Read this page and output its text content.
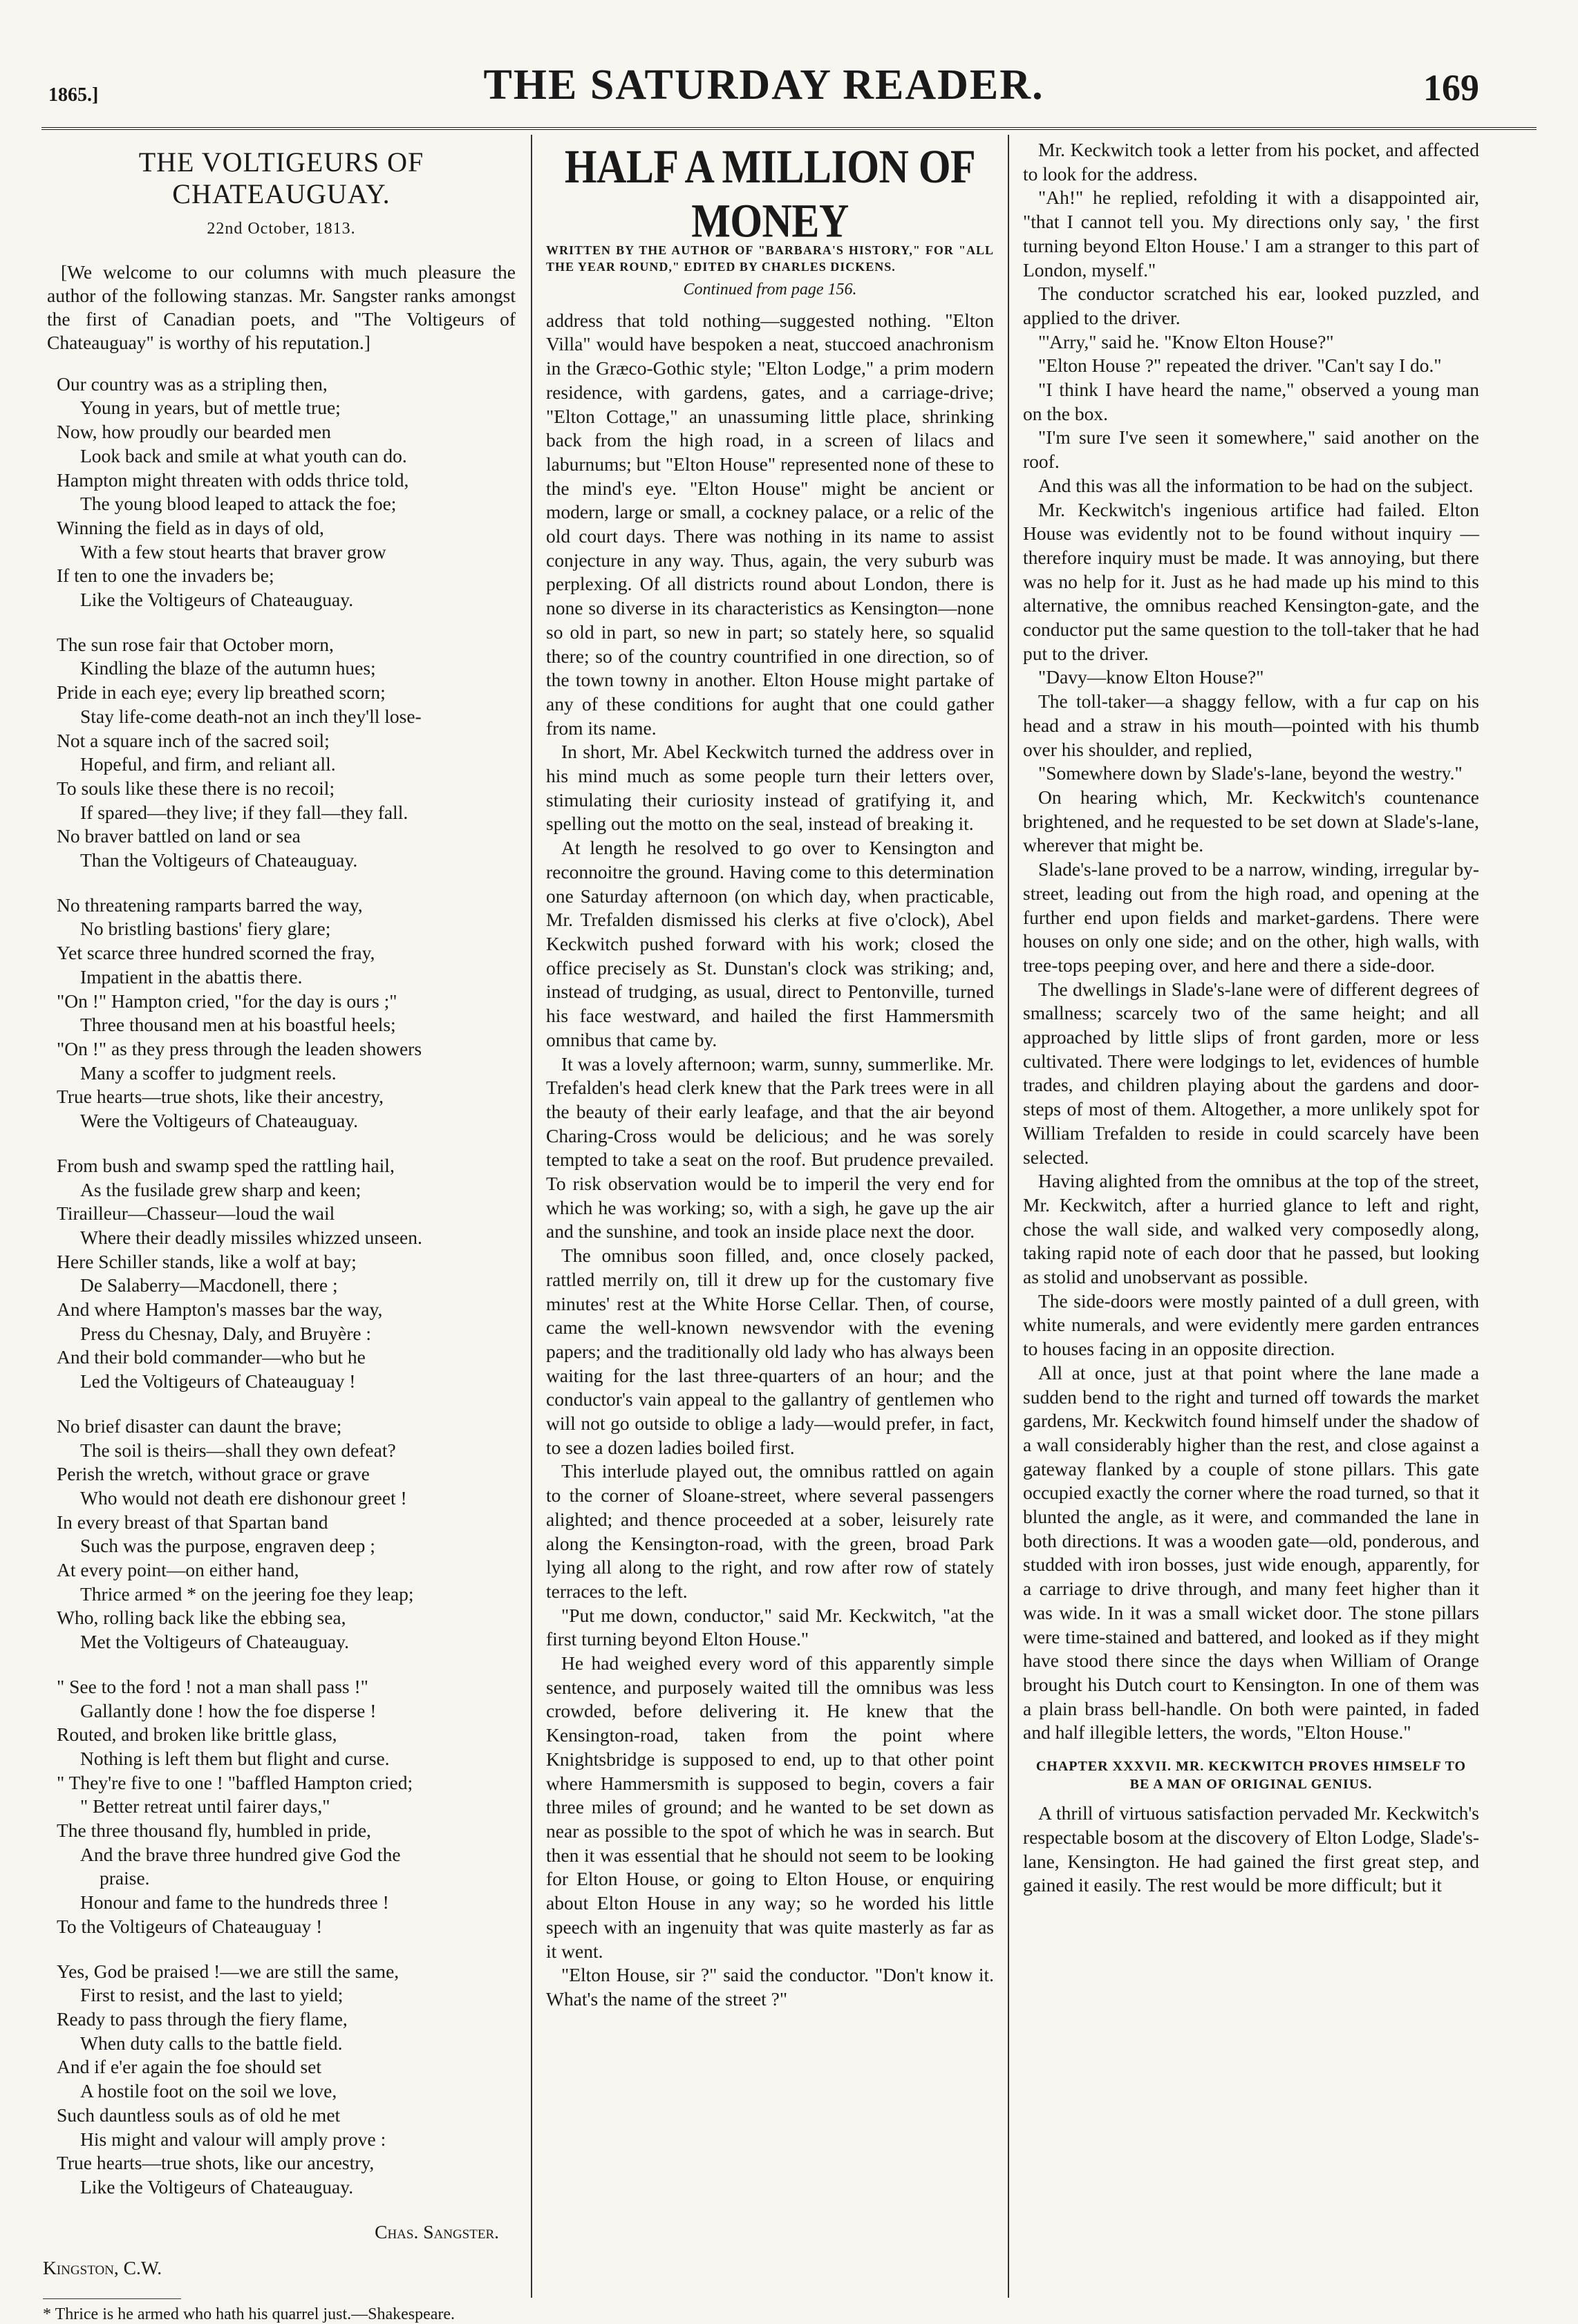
1865.]	THE SATURDAY READER.	169
THE VOLTIGEURS OF CHATEAUGUAY.
22nd October, 1813.
[We welcome to our columns with much pleasure the author of the following stanzas. Mr. Sangster ranks amongst the first of Canadian poets, and "The Voltigeurs of Chateauguay" is worthy of his reputation.]
Our country was as a stripling then,
Young in years, but of mettle true;
Now, how proudly our bearded men
Look back and smile at what youth can do.
Hampton might threaten with odds thrice told,
The young blood leaped to attack the foe;
Winning the field as in days of old,
With a few stout hearts that braver grow
If ten to one the invaders be;
Like the Voltigeurs of Chateauguay.
The sun rose fair that October morn,
Kindling the blaze of the autumn hues;
Pride in each eye; every lip breathed scorn;
Stay life-come death-not an inch they'll lose-
Not a square inch of the sacred soil;
Hopeful, and firm, and reliant all.
To souls like these there is no recoil;
If spared—they live; if they fall—they fall.
No braver battled on land or sea
Than the Voltigeurs of Chateauguay.
No threatening ramparts barred the way,
No bristling bastions' fiery glare;
Yet scarce three hundred scorned the fray,
Impatient in the abattis there.
"On !" Hampton cried, "for the day is ours ;"
Three thousand men at his boastful heels;
"On !" as they press through the leaden showers
Many a scoffer to judgment reels.
True hearts—true shots, like their ancestry,
Were the Voltigeurs of Chateauguay.
From bush and swamp sped the rattling hail,
As the fusilade grew sharp and keen;
Tirailleur—Chasseur—loud the wail
Where their deadly missiles whizzed unseen.
Here Schiller stands, like a wolf at bay;
De Salaberry—Macdonell, there ;
And where Hampton's masses bar the way,
Press du Chesnay, Daly, and Bruyère :
And their bold commander—who but he
Led the Voltigeurs of Chateauguay !
No brief disaster can daunt the brave;
The soil is theirs—shall they own defeat?
Perish the wretch, without grace or grave
Who would not death ere dishonour greet !
In every breast of that Spartan band
Such was the purpose, engraven deep ;
At every point—on either hand,
Thrice armed * on the jeering foe they leap;
Who, rolling back like the ebbing sea,
Met the Voltigeurs of Chateauguay.
" See to the ford ! not a man shall pass !"
Gallantly done ! how the foe disperse !
Routed, and broken like brittle glass,
Nothing is left them but flight and curse.
" They're five to one ! "baffled Hampton cried;
" Better retreat until fairer days,"
The three thousand fly, humbled in pride,
And the brave three hundred give God the
praise.
Honour and fame to the hundreds three !
To the Voltigeurs of Chateauguay !
Yes, God be praised !—we are still the same,
First to resist, and the last to yield;
Ready to pass through the fiery flame,
When duty calls to the battle field.
And if e'er again the foe should set
A hostile foot on the soil we love,
Such dauntless souls as of old he met
His might and valour will amply prove :
True hearts—true shots, like our ancestry,
Like the Voltigeurs of Chateauguay.
Chas. Sangster.
Kingston, C.W.
* Thrice is he armed who hath his quarrel just.—Shakespeare.
HALF A MILLION OF MONEY
WRITTEN BY THE AUTHOR OF "BARBARA'S HISTORY," FOR "ALL THE YEAR ROUND," EDITED BY CHARLES DICKENS.
Continued from page 156.

address that told nothing—suggested nothing. "Elton Villa" would have bespoken a neat, stuccoed anachronism in the Græco-Gothic style; "Elton Lodge," a prim modern residence, with gardens, gates, and a carriage-drive; "Elton Cottage," an unassuming little place, shrinking back from the high road, in a screen of lilacs and laburnums; but "Elton House" represented none of these to the mind's eye. "Elton House" might be ancient or modern, large or small, a cockney palace, or a relic of the old court days. There was nothing in its name to assist conjecture in any way. Thus, again, the very suburb was perplexing. Of all districts round about London, there is none so diverse in its characteristics as Kensington—none so old in part, so new in part; so stately here, so squalid there; so of the country countrified in one direction, so of the town towny in another. Elton House might partake of any of these conditions for aught that one could gather from its name.

In short, Mr. Abel Keckwitch turned the address over in his mind much as some people turn their letters over, stimulating their curiosity instead of gratifying it, and spelling out the motto on the seal, instead of breaking it.

At length he resolved to go over to Kensington and reconnoitre the ground. Having come to this determination one Saturday afternoon (on which day, when practicable, Mr. Trefalden dismissed his clerks at five o'clock), Abel Keckwitch pushed forward with his work; closed the office precisely as St. Dunstan's clock was striking; and, instead of trudging, as usual, direct to Pentonville, turned his face westward, and hailed the first Hammersmith omnibus that came by.

It was a lovely afternoon; warm, sunny, summerlike. Mr. Trefalden's head clerk knew that the Park trees were in all the beauty of their early leafage, and that the air beyond Charing-Cross would be delicious; and he was sorely tempted to take a seat on the roof. But prudence prevailed. To risk observation would be to imperil the very end for which he was working; so, with a sigh, he gave up the air and the sunshine, and took an inside place next the door.

The omnibus soon filled, and, once closely packed, rattled merrily on, till it drew up for the customary five minutes' rest at the White Horse Cellar. Then, of course, came the well-known newsvendor with the evening papers; and the traditionally old lady who has always been waiting for the last three-quarters of an hour; and the conductor's vain appeal to the gallantry of gentlemen who will not go outside to oblige a lady—would prefer, in fact, to see a dozen ladies boiled first.

This interlude played out, the omnibus rattled on again to the corner of Sloane-street, where several passengers alighted; and thence proceeded at a sober, leisurely rate along the Kensington-road, with the green, broad Park lying all along to the right, and row after row of stately terraces to the left.

"Put me down, conductor," said Mr. Keckwitch, "at the first turning beyond Elton House."

He had weighed every word of this apparently simple sentence, and purposely waited till the omnibus was less crowded, before delivering it. He knew that the Kensington-road, taken from the point where Knightsbridge is supposed to end, up to that other point where Hammersmith is supposed to begin, covers a fair three miles of ground; and he wanted to be set down as near as possible to the spot of which he was in search. But then it was essential that he should not seem to be looking for Elton House, or going to Elton House, or enquiring about Elton House in any way; so he worded his little speech with an ingenuity that was quite masterly as far as it went.

"Elton House, sir ?" said the conductor. "Don't know it. What's the name of the street ?"

Mr. Keckwitch took a letter from his pocket, and affected to look for the address.

"Ah!" he replied, refolding it with a disappointed air, "that I cannot tell you. My directions only say, ' the first turning beyond Elton House.' I am a stranger to this part of London, myself."

The conductor scratched his ear, looked puzzled, and applied to the driver.

"'Arry," said he. "Know Elton House?"

"Elton House ?" repeated the driver. "Can't say I do."

"I think I have heard the name," observed a young man on the box.

"I'm sure I've seen it somewhere," said another on the roof.

And this was all the information to be had on the subject.

Mr. Keckwitch's ingenious artifice had failed. Elton House was evidently not to be found without inquiry — therefore inquiry must be made. It was annoying, but there was no help for it. Just as he had made up his mind to this alternative, the omnibus reached Kensington-gate, and the conductor put the same question to the toll-taker that he had put to the driver.

"Davy—know Elton House?"

The toll-taker—a shaggy fellow, with a fur cap on his head and a straw in his mouth—pointed with his thumb over his shoulder, and replied,

"Somewhere down by Slade's-lane, beyond the westry."

On hearing which, Mr. Keckwitch's countenance brightened, and he requested to be set down at Slade's-lane, wherever that might be.

Slade's-lane proved to be a narrow, winding, irregular by-street, leading out from the high road, and opening at the further end upon fields and market-gardens. There were houses on only one side; and on the other, high walls, with tree-tops peeping over, and here and there a side-door.

The dwellings in Slade's-lane were of different degrees of smallness; scarcely two of the same height; and all approached by little slips of front garden, more or less cultivated. There were lodgings to let, evidences of humble trades, and children playing about the gardens and door-steps of most of them. Altogether, a more unlikely spot for William Trefalden to reside in could scarcely have been selected.

Having alighted from the omnibus at the top of the street, Mr. Keckwitch, after a hurried glance to left and right, chose the wall side, and walked very composedly along, taking rapid note of each door that he passed, but looking as stolid and unobservant as possible.

The side-doors were mostly painted of a dull green, with white numerals, and were evidently mere garden entrances to houses facing in an opposite direction.

All at once, just at that point where the lane made a sudden bend to the right and turned off towards the market gardens, Mr. Keckwitch found himself under the shadow of a wall considerably higher than the rest, and close against a gateway flanked by a couple of stone pillars. This gate occupied exactly the corner where the road turned, so that it blunted the angle, as it were, and commanded the lane in both directions. It was a wooden gate—old, ponderous, and studded with iron bosses, just wide enough, apparently, for a carriage to drive through, and many feet higher than it was wide. In it was a small wicket door. The stone pillars were time-stained and battered, and looked as if they might have stood there since the days when William of Orange brought his Dutch court to Kensington. In one of them was a plain brass bell-handle. On both were painted, in faded and half illegible letters, the words, "Elton House."

CHAPTER XXXVII. MR. KECKWITCH PROVES HIMSELF TO BE A MAN OF ORIGINAL GENIUS.

A thrill of virtuous satisfaction pervaded Mr. Keckwitch's respectable bosom at the discovery of Elton Lodge, Slade's-lane, Kensington. He had gained the first great step, and gained it easily. The rest would be more difficult; but it
